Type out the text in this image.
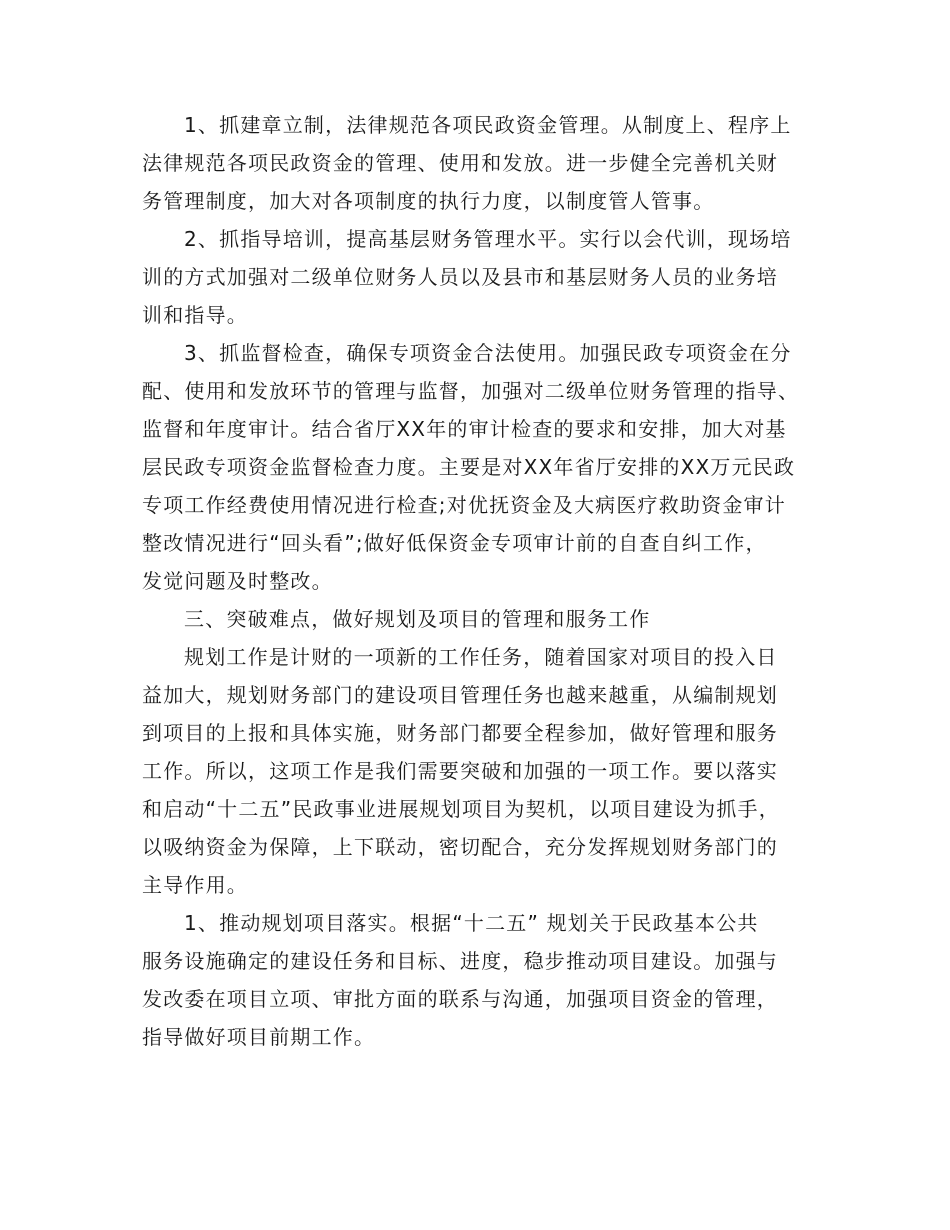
1、抓建章立制，法律规范各项民政资金管理。从制度上、程序上
法律规范各项民政资金的管理、使用和发放。进一步健全完善机关财
务管理制度，加大对各项制度的执行力度，以制度管人管事。

2、抓指导培训，提高基层财务管理水平。实行以会代训，现场培
训的方式加强对二级单位财务人员以及县市和基层财务人员的业务培
训和指导。

3、抓监督检查，确保专项资金合法使用。加强民政专项资金在分
配、使用和发放环节的管理与监督，加强对二级单位财务管理的指导、
监督和年度审计。结合省厅XX年的审计检查的要求和安排，加大对基
层民政专项资金监督检查力度。主要是对XX年省厅安排的XX万元民政
专项工作经费使用情况进行检查;对优抚资金及大病医疗救助资金审计
整改情况进行“回头看”;做好低保资金专项审计前的自查自纠工作，
发觉问题及时整改。

三、突破难点，做好规划及项目的管理和服务工作

规划工作是计财的一项新的工作任务，随着国家对项目的投入日
益加大，规划财务部门的建设项目管理任务也越来越重，从编制规划
到项目的上报和具体实施，财务部门都要全程参加，做好管理和服务
工作。所以，这项工作是我们需要突破和加强的一项工作。要以落实
和启动“十二五”民政事业进展规划项目为契机，以项目建设为抓手，
以吸纳资金为保障，上下联动，密切配合，充分发挥规划财务部门的
主导作用。

1、推动规划项目落实。根据“十二五” 规划关于民政基本公共
服务设施确定的建设任务和目标、进度，稳步推动项目建设。加强与
发改委在项目立项、审批方面的联系与沟通，加强项目资金的管理，
指导做好项目前期工作。
